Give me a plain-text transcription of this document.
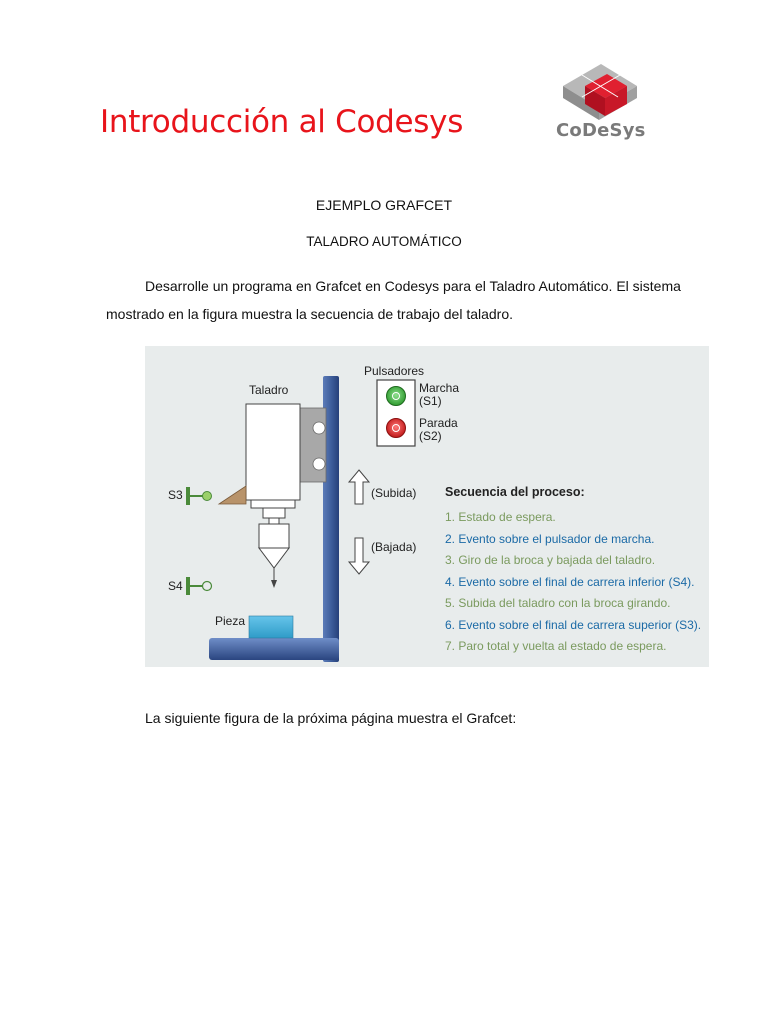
Introducción al Codesys	CoDeSys
EJEMPLO GRAFCET
TALADRO AUTOMÁTICO
Desarrolle un programa en Grafcet en Codesys para el Taladro Automático. El sistema mostrado en la figura muestra la secuencia de trabajo del taladro.
Taladro
Pulsadores
Marcha
(S1)
Parada
(S2)
(Subida)
(Bajada)
S3
S4
Pieza
Secuencia del proceso:
1. Estado de espera.
2. Evento sobre el pulsador de marcha.
3. Giro de la broca y bajada del taladro.
4. Evento sobre el final de carrera inferior (S4).
5. Subida del taladro con la broca girando.
6. Evento sobre el final de carrera superior (S3).
7. Paro total y vuelta al estado de espera.
La siguiente figura de la próxima página muestra el Grafcet:
